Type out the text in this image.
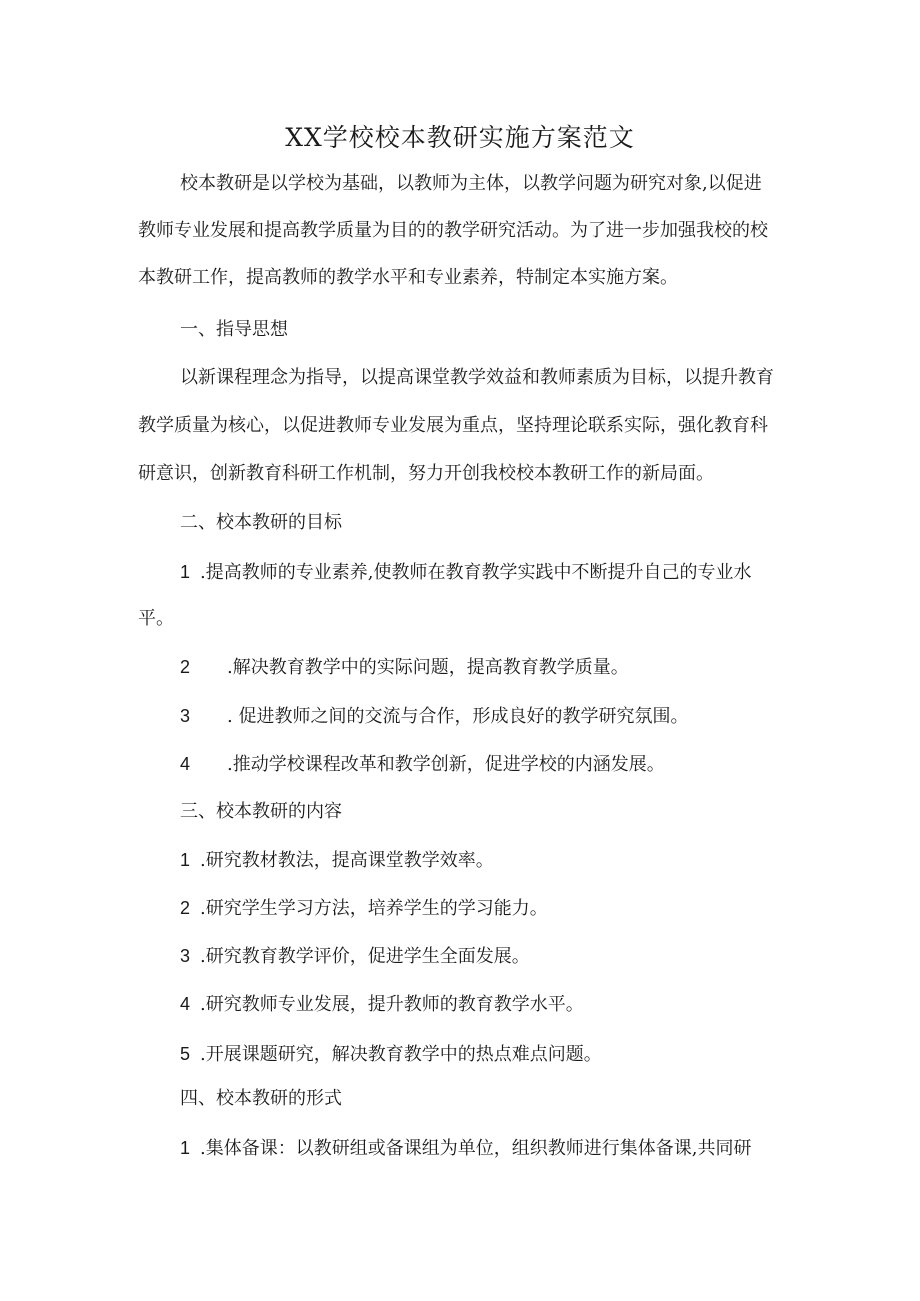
XX学校校本教研实施方案范文
校本教研是以学校为基础，以教师为主体，以教学问题为研究对象,以促进
教师专业发展和提高教学质量为目的的教学研究活动。为了进一步加强我校的校
本教研工作，提高教师的教学水平和专业素养，特制定本实施方案。
一、指导思想
以新课程理念为指导，以提高课堂教学效益和教师素质为目标，以提升教育
教学质量为核心，以促进教师专业发展为重点，坚持理论联系实际，强化教育科
研意识，创新教育科研工作机制，努力开创我校校本教研工作的新局面。
二、校本教研的目标
1 .提高教师的专业素养,使教师在教育教学实践中不断提升自己的专业水
平。
2 .解决教育教学中的实际问题，提高教育教学质量。
3 . 促进教师之间的交流与合作，形成良好的教学研究氛围。
4 .推动学校课程改革和教学创新，促进学校的内涵发展。
三、校本教研的内容
1 .研究教材教法，提高课堂教学效率。
2 .研究学生学习方法，培养学生的学习能力。
3 .研究教育教学评价，促进学生全面发展。
4 .研究教师专业发展，提升教师的教育教学水平。
5 .开展课题研究，解决教育教学中的热点难点问题。
四、校本教研的形式
1 .集体备课：以教研组或备课组为单位，组织教师进行集体备课,共同研
